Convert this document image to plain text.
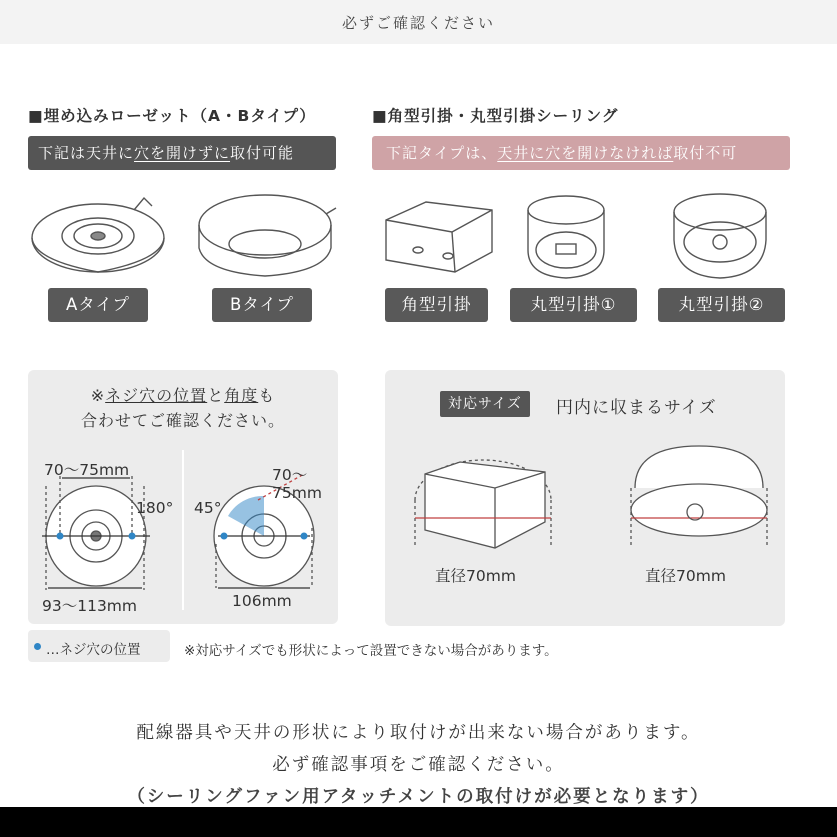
必ずご確認ください
■埋め込みローゼット（A・Bタイプ）
下記は天井に穴を開けずに取付可能
■角型引掛・丸型引掛シーリング
下記タイプは、天井に穴を開けなければ取付不可
Aタイプ	Bタイプ	角型引掛	丸型引掛①	丸型引掛②
※ネジ穴の位置と角度も
合わせてご確認ください。
70～75mm
180°
93～113mm
45°
70～
75mm
106mm
対応サイズ	円内に収まるサイズ
直径70mm	直径70mm
…ネジ穴の位置	※対応サイズでも形状によって設置できない場合があります。
配線器具や天井の形状により取付けが出来ない場合があります。
必ず確認事項をご確認ください。
（シーリングファン用アタッチメントの取付けが必要となります）
